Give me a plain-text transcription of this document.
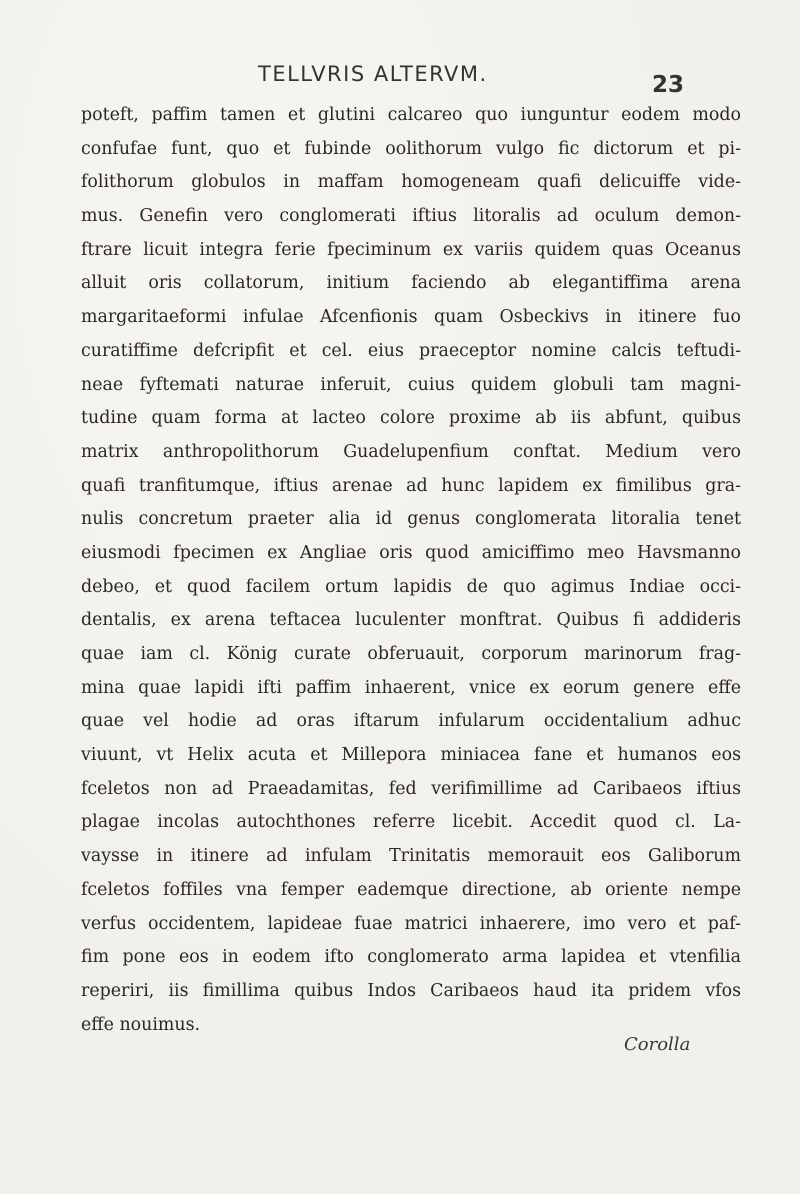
TELLVRIS ALTERVM.	23
poteft, paffim tamen et glutini calcareo quo iunguntur eodem modo
confufae funt, quo et fubinde oolithorum vulgo fic dictorum et pi-
folithorum globulos in maffam homogeneam quafi delicuiffe vide-
mus. Genefin vero conglomerati iftius litoralis ad oculum demon-
ftrare licuit integra ferie fpeciminum ex variis quidem quas Oceanus
alluit oris collatorum, initium faciendo ab elegantiffima arena
margaritaeformi infulae Afcenfionis quam Osbeckivs in itinere fuo
curatiffime defcripfit et cel. eius praeceptor nomine calcis teftudi-
neae fyftemati naturae inferuit, cuius quidem globuli tam magni-
tudine quam forma at lacteo colore proxime ab iis abfunt, quibus
matrix anthropolithorum Guadelupenfium conftat. Medium vero
quafi tranfitumque, iftius arenae ad hunc lapidem ex fimilibus gra-
nulis concretum praeter alia id genus conglomerata litoralia tenet
eiusmodi fpecimen ex Angliae oris quod amiciffimo meo Havsmanno
debeo, et quod facilem ortum lapidis de quo agimus Indiae occi-
dentalis, ex arena teftacea luculenter monftrat. Quibus fi addideris
quae iam cl. König curate obferuauit, corporum marinorum frag-
mina quae lapidi ifti paffim inhaerent, vnice ex eorum genere effe
quae vel hodie ad oras iftarum infularum occidentalium adhuc
viuunt, vt Helix acuta et Millepora miniacea fane et humanos eos
fceletos non ad Praeadamitas, fed verifimillime ad Caribaeos iftius
plagae incolas autochthones referre licebit. Accedit quod cl. La-
vaysse in itinere ad infulam Trinitatis memorauit eos Galiborum
fceletos foffiles vna femper eademque directione, ab oriente nempe
verfus occidentem, lapideae fuae matrici inhaerere, imo vero et paf-
fim pone eos in eodem ifto conglomerato arma lapidea et vtenfilia
reperiri, iis fimillima quibus Indos Caribaeos haud ita pridem vfos
effe nouimus.
Corolla
